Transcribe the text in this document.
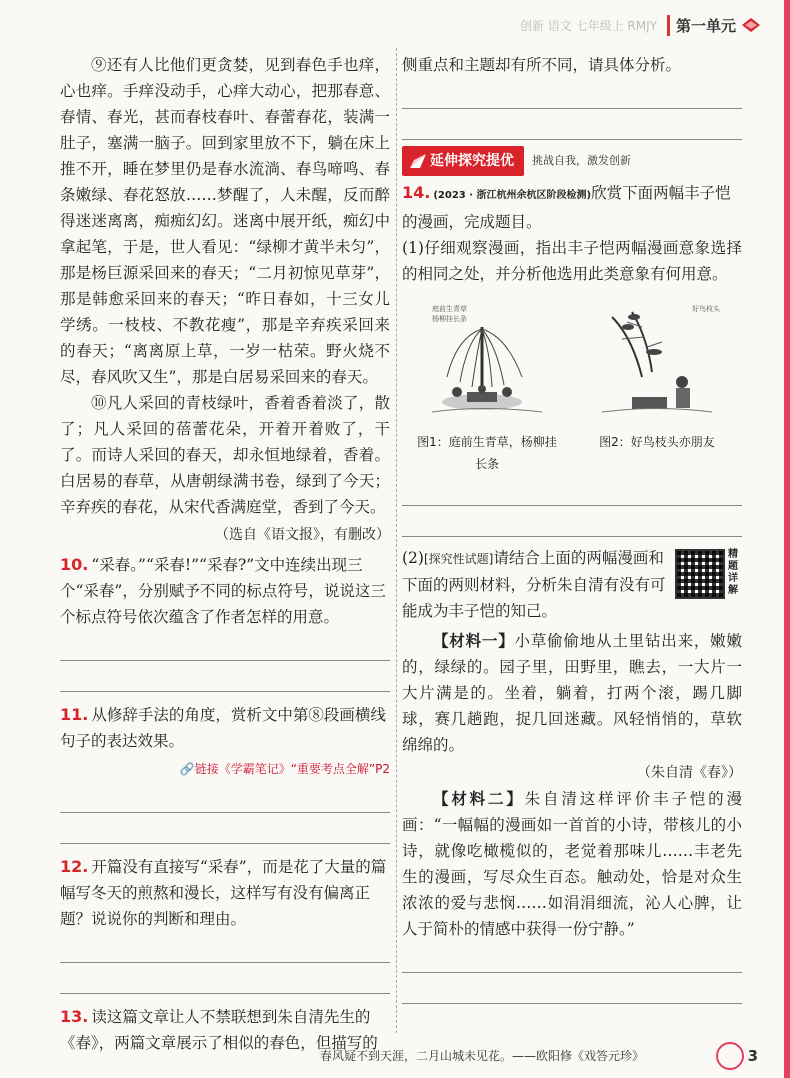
创新 语文 七年级上 RMJY	第一单元

⑨还有人比他们更贪婪，见到春色手也痒，心也痒。手痒没动手，心痒大动心，把那春意、春情、春光，甚而春枝春叶、春蕾春花，装满一肚子，塞满一脑子。回到家里放不下，躺在床上推不开，睡在梦里仍是春水流淌、春鸟啼鸣、春条嫩绿、春花怒放……梦醒了，人未醒，反而醉得迷迷离离，痴痴幻幻。迷离中展开纸，痴幻中拿起笔，于是，世人看见：“绿柳才黄半未匀”，那是杨巨源采回来的春天；“二月初惊见草芽”，那是韩愈采回来的春天；“昨日春如，十三女儿学绣。一枝枝、不教花瘦”，那是辛弃疾采回来的春天；“离离原上草，一岁一枯荣。野火烧不尽，春风吹又生”，那是白居易采回来的春天。

⑩凡人采回的青枝绿叶，香着香着淡了，散了；凡人采回的蓓蕾花朵，开着开着败了，干了。而诗人采回的春天，却永恒地绿着，香着。白居易的春草，从唐朝绿满书卷，绿到了今天；辛弃疾的春花，从宋代香满庭堂，香到了今天。

（选自《语文报》，有删改）

10. “采春。”“采春!”“采春?”文中连续出现三个“采春”，分别赋予不同的标点符号，说说这三个标点符号依次蕴含了作者怎样的用意。
11. 从修辞手法的角度，赏析文中第⑧段画横线句子的表达效果。
🔗链接《学霸笔记》“重要考点全解”P2
12. 开篇没有直接写“采春”，而是花了大量的篇幅写冬天的煎熬和漫长，这样写有没有偏离正题？说说你的判断和理由。
13. 读这篇文章让人不禁联想到朱自清先生的《春》，两篇文章展示了相似的春色，但描写的

侧重点和主题却有所不同，请具体分析。

延伸探究提优 挑战自我，激发创新
14. (2023 · 浙江杭州余杭区阶段检测)欣赏下面两幅丰子恺的漫画，完成题目。

(1)仔细观察漫画，指出丰子恺两幅漫画意象选择的相同之处，并分析他选用此类意象有何用意。

庭前生青草
杨柳挂长条
图1：庭前生青草，杨柳挂长条
好鸟枝头
图2：好鸟枝头亦朋友
精题详解
(2)[探究性试题]请结合上面的两幅漫画和下面的两则材料，分析朱自清有没有可能成为丰子恺的知己。

【材料一】小草偷偷地从土里钻出来，嫩嫩的，绿绿的。园子里，田野里，瞧去，一大片一大片满是的。坐着，躺着，打两个滚，踢几脚球，赛几趟跑，捉几回迷藏。风轻悄悄的，草软绵绵的。

（朱自清《春》）

【材料二】朱自清这样评价丰子恺的漫画：“一幅幅的漫画如一首首的小诗，带核儿的小诗，就像吃橄榄似的，老觉着那味儿……丰老先生的漫画，写尽众生百态。触动处，恰是对众生浓浓的爱与悲悯……如涓涓细流，沁人心脾，让人于简朴的情感中获得一份宁静。”

春风疑不到天涯，二月山城未见花。——欧阳修《戏答元珍》	3
